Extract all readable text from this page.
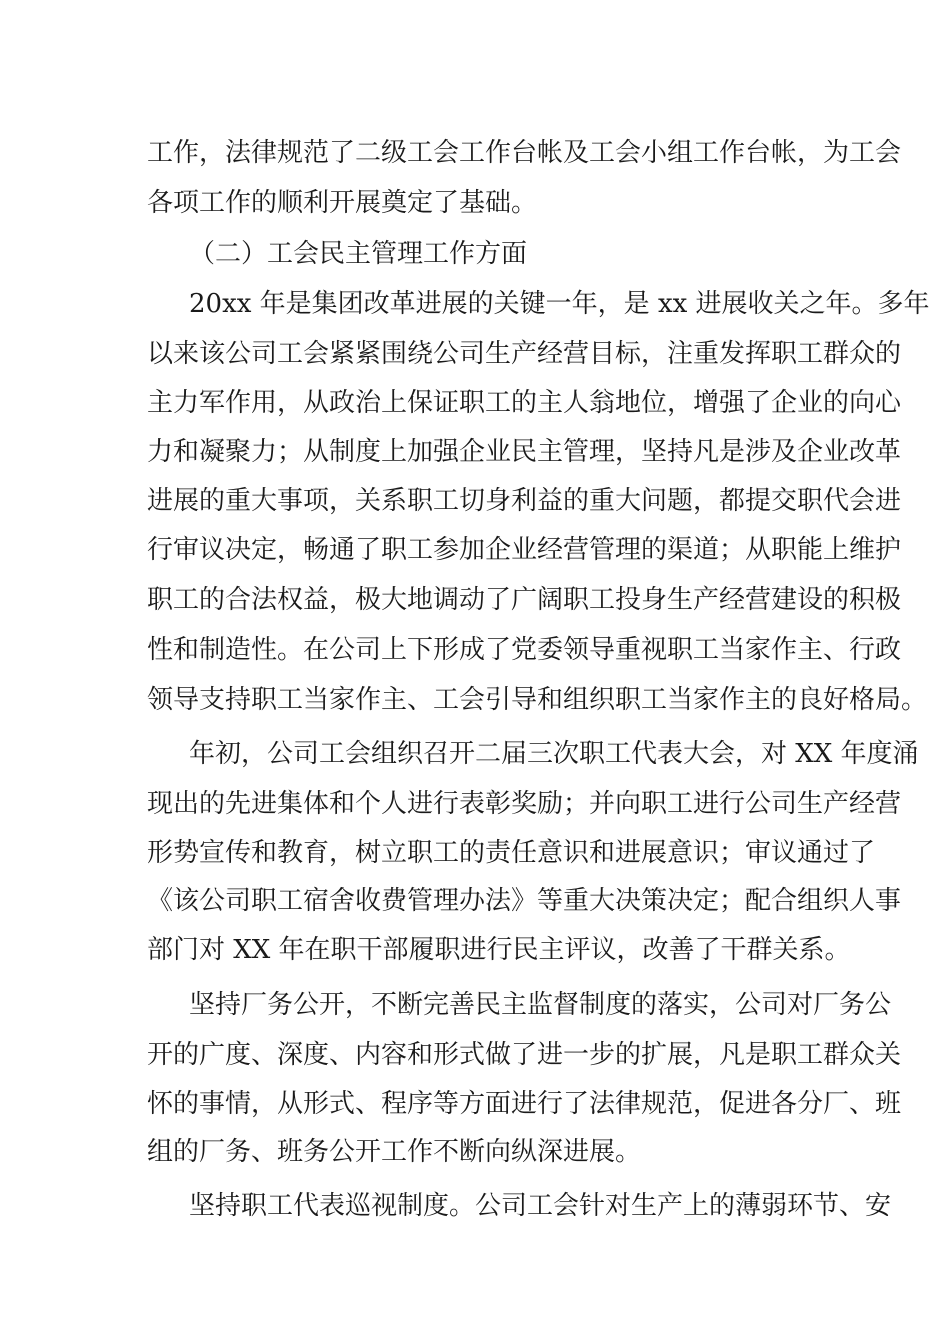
工作，法律规范了二级工会工作台帐及工会小组工作台帐，为工会
各项工作的顺利开展奠定了基础。
（二）工会民主管理工作方面
20xx 年是集团改革进展的关键一年，是 xx 进展收关之年。多年
以来该公司工会紧紧围绕公司生产经营目标，注重发挥职工群众的
主力军作用，从政治上保证职工的主人翁地位，增强了企业的向心
力和凝聚力；从制度上加强企业民主管理，坚持凡是涉及企业改革
进展的重大事项，关系职工切身利益的重大问题，都提交职代会进
行审议决定，畅通了职工参加企业经营管理的渠道；从职能上维护
职工的合法权益，极大地调动了广阔职工投身生产经营建设的积极
性和制造性。在公司上下形成了党委领导重视职工当家作主、行政
领导支持职工当家作主、工会引导和组织职工当家作主的良好格局。
年初，公司工会组织召开二届三次职工代表大会，对 XX 年度涌
现出的先进集体和个人进行表彰奖励；并向职工进行公司生产经营
形势宣传和教育，树立职工的责任意识和进展意识；审议通过了
《该公司职工宿舍收费管理办法》等重大决策决定；配合组织人事
部门对 XX 年在职干部履职进行民主评议，改善了干群关系。
坚持厂务公开，不断完善民主监督制度的落实，公司对厂务公
开的广度、深度、内容和形式做了进一步的扩展，凡是职工群众关
怀的事情，从形式、程序等方面进行了法律规范，促进各分厂、班
组的厂务、班务公开工作不断向纵深进展。
坚持职工代表巡视制度。公司工会针对生产上的薄弱环节、安
